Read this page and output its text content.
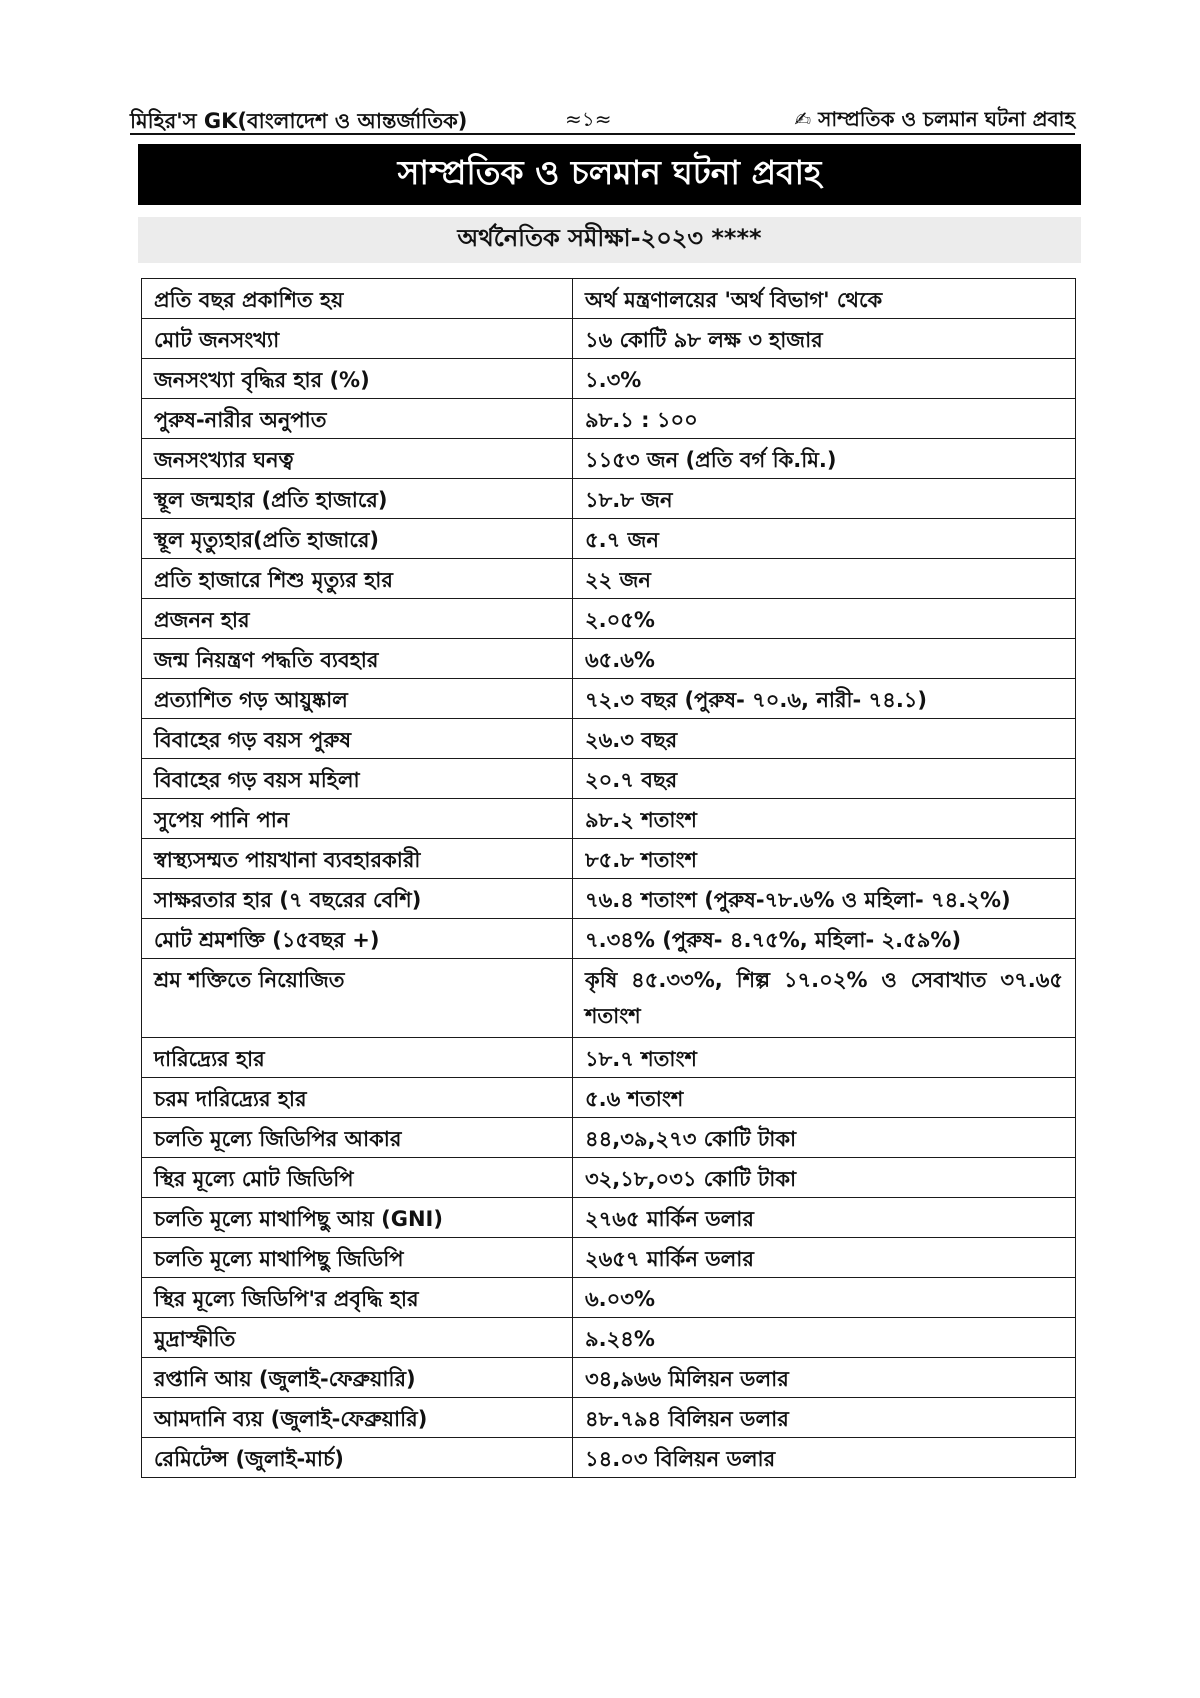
মিহির'স GK(বাংলাদেশ ও আন্তর্জাতিক)	≈১≈	✍ সাম্প্রতিক ও চলমান ঘটনা প্রবাহ
সাম্প্রতিক ও চলমান ঘটনা প্রবাহ
অর্থনৈতিক সমীক্ষা-২০২৩ ****
প্রতি বছর প্রকাশিত হয়	অর্থ মন্ত্রণালয়ের 'অর্থ বিভাগ' থেকে
মোট জনসংখ্যা	১৬ কোটি ৯৮ লক্ষ ৩ হাজার
জনসংখ্যা বৃদ্ধির হার (%)	১.৩%
পুরুষ-নারীর অনুপাত	৯৮.১ : ১০০
জনসংখ্যার ঘনত্ব	১১৫৩ জন (প্রতি বর্গ কি.মি.)
স্থূল জন্মহার (প্রতি হাজারে)	১৮.৮ জন
স্থূল মৃত্যুহার(প্রতি হাজারে)	৫.৭ জন
প্রতি হাজারে শিশু মৃত্যুর হার	২২ জন
প্রজনন হার	২.০৫%
জন্ম নিয়ন্ত্রণ পদ্ধতি ব্যবহার	৬৫.৬%
প্রত্যাশিত গড় আয়ুষ্কাল	৭২.৩ বছর (পুরুষ- ৭০.৬, নারী- ৭৪.১)
বিবাহের গড় বয়স পুরুষ	২৬.৩ বছর
বিবাহের গড় বয়স মহিলা	২০.৭ বছর
সুপেয় পানি পান	৯৮.২ শতাংশ
স্বাস্থ্যসম্মত পায়খানা ব্যবহারকারী	৮৫.৮ শতাংশ
সাক্ষরতার হার (৭ বছরের বেশি)	৭৬.৪ শতাংশ (পুরুষ-৭৮.৬% ও মহিলা- ৭৪.২%)
মোট শ্রমশক্তি (১৫বছর +)	৭.৩৪% (পুরুষ- ৪.৭৫%, মহিলা- ২.৫৯%)
শ্রম শক্তিতে নিয়োজিত	কৃষি ৪৫.৩৩%, শিল্প ১৭.০২% ও সেবাখাত ৩৭.৬৫ শতাংশ
দারিদ্র্যের হার	১৮.৭ শতাংশ
চরম দারিদ্র্যের হার	৫.৬ শতাংশ
চলতি মূল্যে জিডিপির আকার	৪৪,৩৯,২৭৩ কোটি টাকা
স্থির মূল্যে মোট জিডিপি	৩২,১৮,০৩১ কোটি টাকা
চলতি মূল্যে মাথাপিছু আয় (GNI)	২৭৬৫ মার্কিন ডলার
চলতি মূল্যে মাথাপিছু জিডিপি	২৬৫৭ মার্কিন ডলার
স্থির মূল্যে জিডিপি'র প্রবৃদ্ধি হার	৬.০৩%
মুদ্রাস্ফীতি	৯.২৪%
রপ্তানি আয় (জুলাই-ফেব্রুয়ারি)	৩৪,৯৬৬ মিলিয়ন ডলার
আমদানি ব্যয় (জুলাই-ফেব্রুয়ারি)	৪৮.৭৯৪ বিলিয়ন ডলার
রেমিটেন্স (জুলাই-মার্চ)	১৪.০৩ বিলিয়ন ডলার
